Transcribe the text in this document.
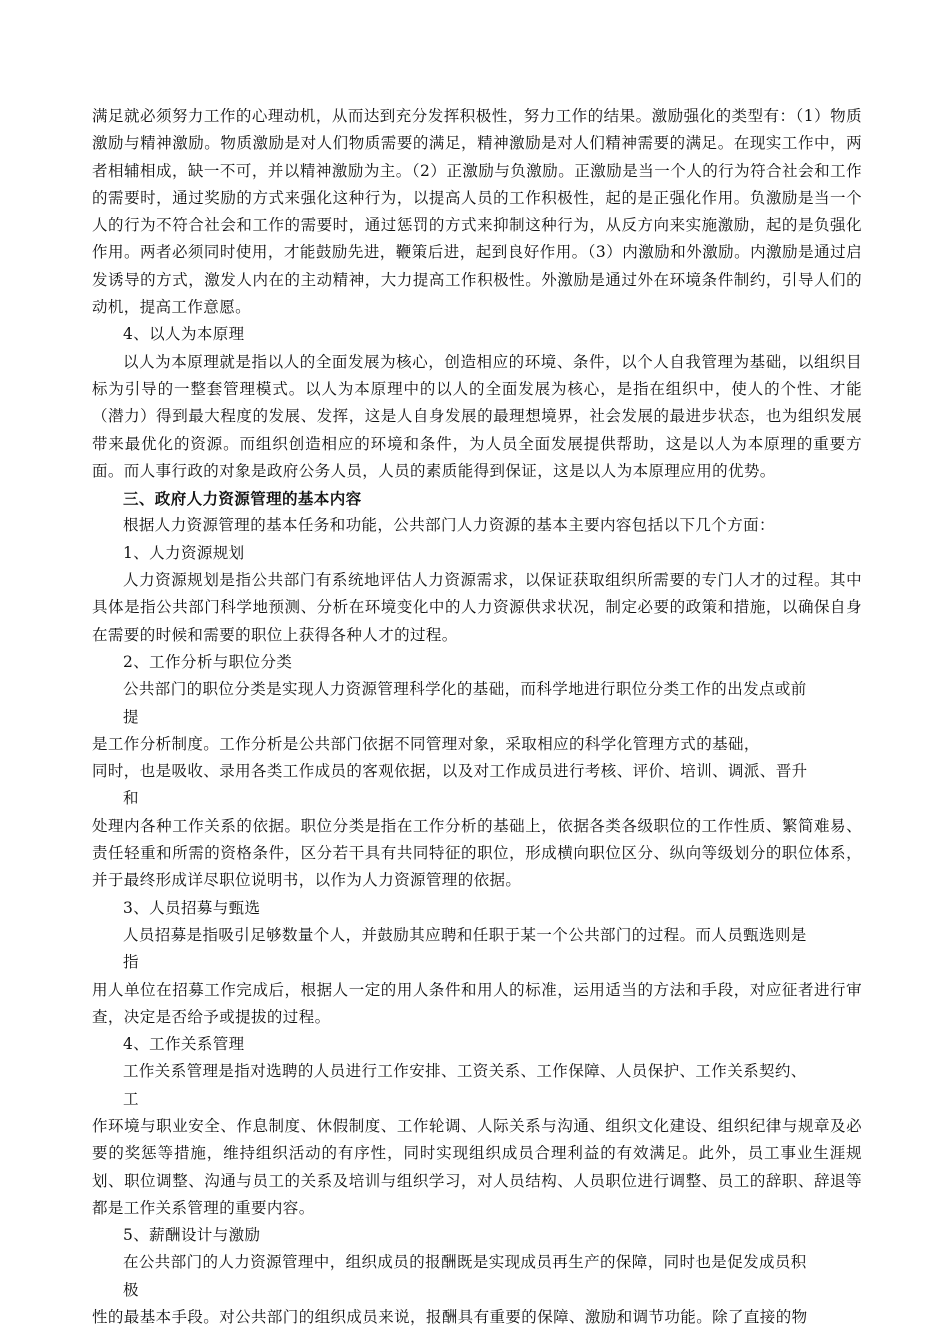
满足就必须努力工作的心理动机，从而达到充分发挥积极性，努力工作的结果。激励强化的类型有：（1）物质激励与精神激励。物质激励是对人们物质需要的满足，精神激励是对人们精神需要的满足。在现实工作中，两者相辅相成，缺一不可，并以精神激励为主。（2）正激励与负激励。正激励是当一个人的行为符合社会和工作的需要时，通过奖励的方式来强化这种行为，以提高人员的工作积极性，起的是正强化作用。负激励是当一个人的行为不符合社会和工作的需要时，通过惩罚的方式来抑制这种行为，从反方向来实施激励，起的是负强化作用。两者必须同时使用，才能鼓励先进，鞭策后进，起到良好作用。（3）内激励和外激励。内激励是通过启发诱导的方式，激发人内在的主动精神，大力提高工作积极性。外激励是通过外在环境条件制约，引导人们的动机，提高工作意愿。

4、以人为本原理

以人为本原理就是指以人的全面发展为核心，创造相应的环境、条件，以个人自我管理为基础，以组织目标为引导的一整套管理模式。以人为本原理中的以人的全面发展为核心，是指在组织中，使人的个性、才能（潜力）得到最大程度的发展、发挥，这是人自身发展的最理想境界，社会发展的最进步状态，也为组织发展带来最优化的资源。而组织创造相应的环境和条件，为人员全面发展提供帮助，这是以人为本原理的重要方面。而人事行政的对象是政府公务人员，人员的素质能得到保证，这是以人为本原理应用的优势。

三、政府人力资源管理的基本内容

根据人力资源管理的基本任务和功能，公共部门人力资源的基本主要内容包括以下几个方面：

1、人力资源规划

人力资源规划是指公共部门有系统地评估人力资源需求，以保证获取组织所需要的专门人才的过程。其中具体是指公共部门科学地预测、分析在环境变化中的人力资源供求状况，制定必要的政策和措施，以确保自身在需要的时候和需要的职位上获得各种人才的过程。

2、工作分析与职位分类

公共部门的职位分类是实现人力资源管理科学化的基础，而科学地进行职位分类工作的出发点或前

提

是工作分析制度。工作分析是公共部门依据不同管理对象，采取相应的科学化管理方式的基础，

同时，也是吸收、录用各类工作成员的客观依据，以及对工作成员进行考核、评价、培训、调派、晋升

和

处理内各种工作关系的依据。职位分类是指在工作分析的基础上，依据各类各级职位的工作性质、繁简难易、责任轻重和所需的资格条件，区分若干具有共同特征的职位，形成横向职位区分、纵向等级划分的职位体系，并于最终形成详尽职位说明书，以作为人力资源管理的依据。

3、人员招募与甄选

人员招募是指吸引足够数量个人，并鼓励其应聘和任职于某一个公共部门的过程。而人员甄选则是

指

用人单位在招募工作完成后，根据人一定的用人条件和用人的标准，运用适当的方法和手段，对应征者进行审查，决定是否给予或提拔的过程。

4、工作关系管理

工作关系管理是指对选聘的人员进行工作安排、工资关系、工作保障、人员保护、工作关系契约、

工

作环境与职业安全、作息制度、休假制度、工作轮调、人际关系与沟通、组织文化建设、组织纪律与规章及必要的奖惩等措施，维持组织活动的有序性，同时实现组织成员合理利益的有效满足。此外，员工事业生涯规划、职位调整、沟通与员工的关系及培训与组织学习，对人员结构、人员职位进行调整、员工的辞职、辞退等都是工作关系管理的重要内容。

5、薪酬设计与激励

在公共部门的人力资源管理中，组织成员的报酬既是实现成员再生产的保障，同时也是促发成员积

极

性的最基本手段。对公共部门的组织成员来说，报酬具有重要的保障、激励和调节功能。除了直接的物
